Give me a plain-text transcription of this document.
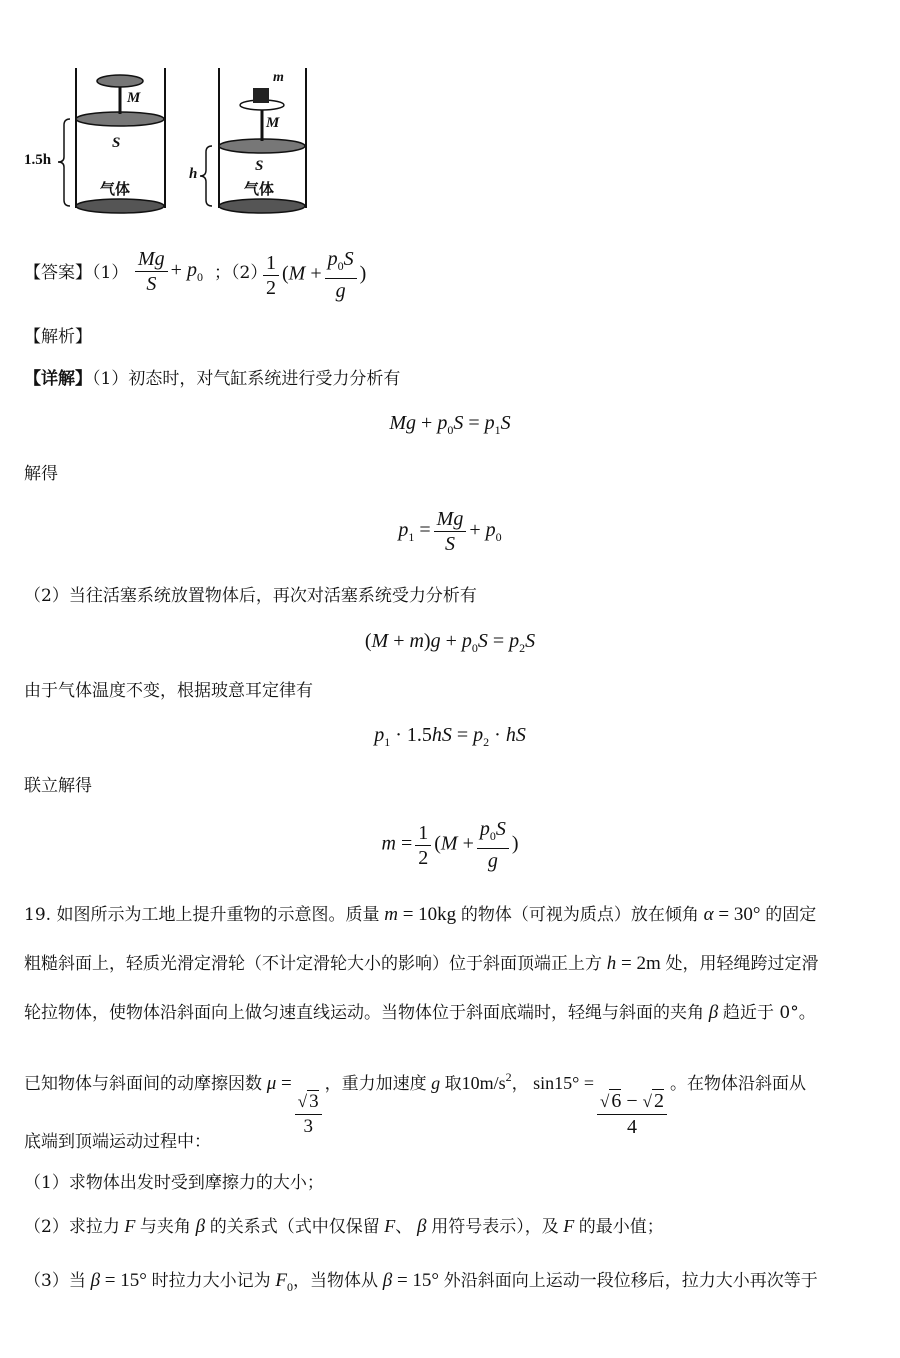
M
S
气体
1.5h
m
M
S
气体
h
【答案】$(1) \frac{Mg}{S} + p_0$ ；（2）
$\frac{1}{2} (M + \frac{p_0S}{g}$ )
【解析】
【详解】（1）初态时，对气缸系统进行受力分析有
$Mg + p_0S = p_1S$
解得
$p_1 = \frac{Mg}{S} + p_0$
（2）当往活塞系统放置物体后，再次对活塞系统受力分析有
$(M + m)g + p_0S = p_2S$
由于气体温度不变，根据玻意耳定律有
$p_1 \cdot 1.5hS = p_2$ · hS
联立解得
$m = \frac{1}{2} (M + \frac{p_0S}{g}$ )
19. 如图所示为工地上提升重物的示意图。质量 m = 10kg 的物体（可视为质点）放在倾角 α = 30° 的固定
粗糙斜面上，轻质光滑定滑轮（不计定滑轮大小的影响）位于斜面顶端正上方 h = 2m 处，用轻绳跨过定滑
轮拉物体，使物体沿斜面向上做匀速直线运动。当物体位于斜面底端时，轻绳与斜面的夹角 β 趋近于 0°。
已知物体与斜面间的动摩擦因数 μ =
$\frac{√ 3}{3}$
，重力加速度 g 取$10m/s^2$， sin15° =
$\frac{√ 6 - √ 2}{4}$
。在物体沿斜面从
底端到顶端运动过程中：
（1）求物体出发时受到摩擦力的大小；
（2）求拉力 F 与夹角 β 的关系式（式中仅保留 F、 β 用符号表示），及 F 的最小值；
（3）当 β = 15° 时拉力大小记为 $F_0$，当物体从 β = 15° 外沿斜面向上运动一段位移后，拉力大小再次等于
